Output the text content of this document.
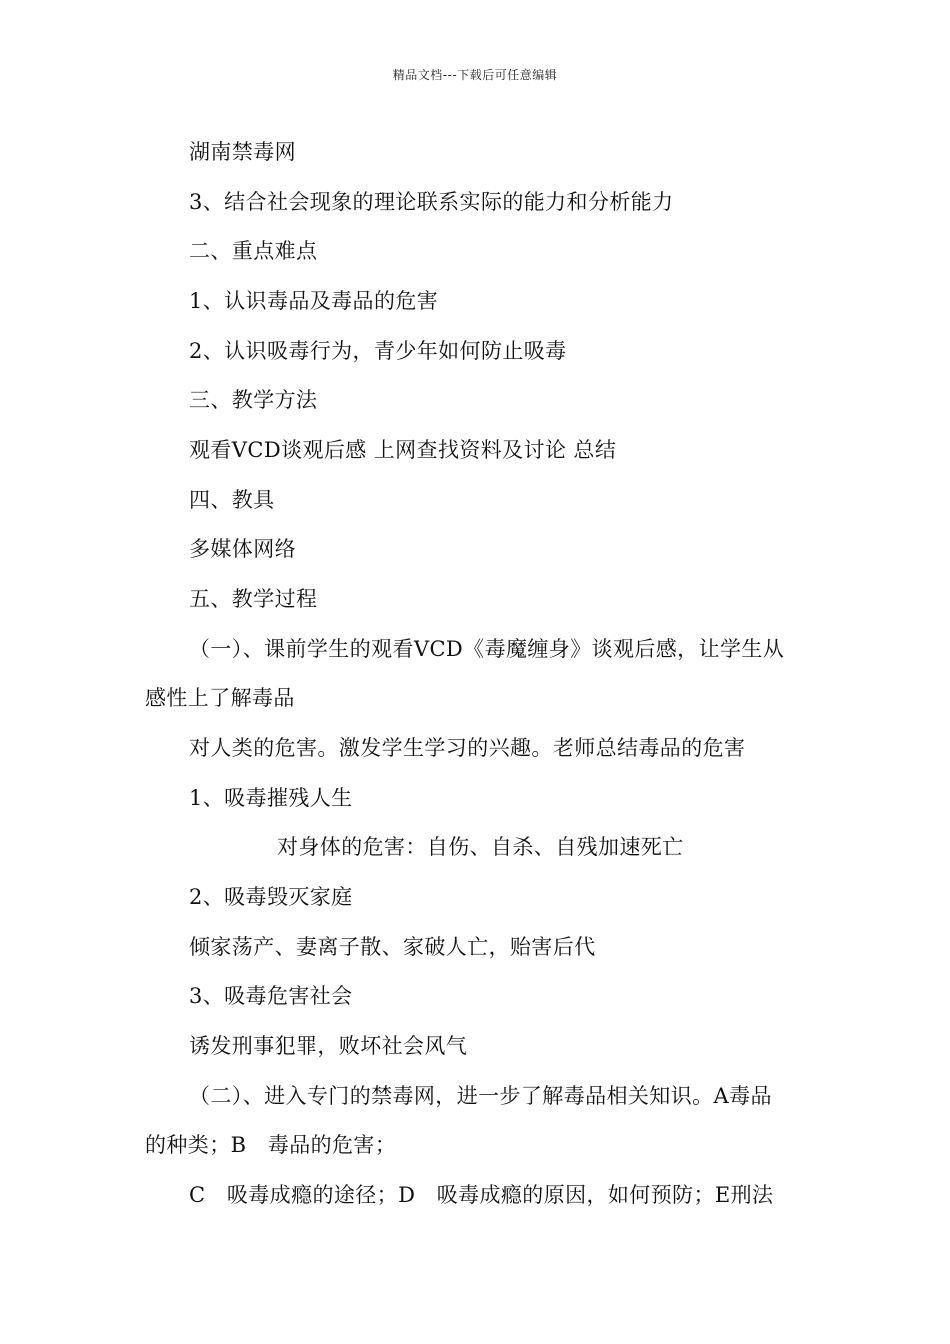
精品文档---下载后可任意编辑
湖南禁毒网
3、结合社会现象的理论联系实际的能力和分析能力
二、重点难点
1、认识毒品及毒品的危害
2、认识吸毒行为，青少年如何防止吸毒
三、教学方法
观看VCD谈观后感 上网查找资料及讨论 总结
四、教具
多媒体网络
五、教学过程
（一）、课前学生的观看VCD《毒魔缠身》谈观后感，让学生从
感性上了解毒品
对人类的危害。激发学生学习的兴趣。老师总结毒品的危害
1、吸毒摧残人生
对身体的危害：自伤、自杀、自残加速死亡
2、吸毒毁灭家庭
倾家荡产、妻离子散、家破人亡，贻害后代
3、吸毒危害社会
诱发刑事犯罪，败坏社会风气
（二）、进入专门的禁毒网，进一步了解毒品相关知识。A毒品
的种类；B　毒品的危害；
C　吸毒成瘾的途径；D　吸毒成瘾的原因，如何预防；E刑法
